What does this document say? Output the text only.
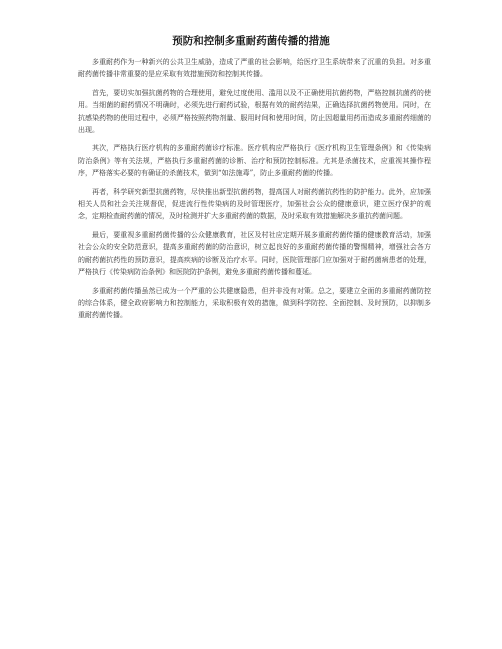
预防和控制多重耐药菌传播的措施

多重耐药作为一种新兴的公共卫生威胁，造成了严重的社会影响，给医疗卫生系统带来了沉重的负担。对多重耐药菌传播非常重要的是应采取有效措施预防和控制其传播。

首先，要切实加强抗菌药物的合理使用，避免过度使用、滥用以及不正确使用抗菌药物，严格控制抗菌药的使用。当细菌的耐药情况不明确时，必须先进行耐药试验，根据有效的耐药结果，正确选择抗菌药物使用。同时，在抗感染药物的使用过程中，必须严格按照药物剂量、服用时间和使用时间，防止因超量用药而造成多重耐药细菌的出现。

其次，严格执行医疗机构的多重耐药菌诊疗标准。医疗机构应严格执行《医疗机构卫生管理条例》和《传染病防治条例》等有关法规，严格执行多重耐药菌的诊断、治疗和预防控制标准。尤其是杀菌技术，应重视其操作程序，严格落实必要的有确证的杀菌技术，做到“如法施毒”，防止多重耐药菌的传播。

再者，科学研究新型抗菌药物，尽快推出新型抗菌药物，提高国人对耐药菌抗药性的防护能力。此外，应加强相关人员和社会关注规督促，促进流行性传染病的及时管理医疗，加强社会公众的健康意识，建立医疗保护的观念，定期检查耐药菌的情况，及时检测并扩大多重耐药菌的数据，及时采取有效措施解决多重抗药菌问题。

最后，要重视多重耐药菌传播的公众健康教育，社区及村社应定期开展多重耐药菌传播的健康教育活动，加强社会公众的安全防范意识，提高多重耐药菌的防治意识，树立起良好的多重耐药菌传播的警惕精神，增强社会各方的耐药菌抗药性的预防意识，提高疾病的诊断及治疗水平。同时，医院管理部门应加强对于耐药菌病患者的处理，严格执行《传染病防治条例》和医院防护条例，避免多重耐药菌传播和蔓延。

多重耐药菌传播虽然已成为一个严重的公共健康隐患，但并非没有对策。总之，要建立全面的多重耐药菌防控的综合体系，健全政府影响力和控制能力，采取积极有效的措施，做到科学防控、全面控制、及时预防，以抑制多重耐药菌传播。
